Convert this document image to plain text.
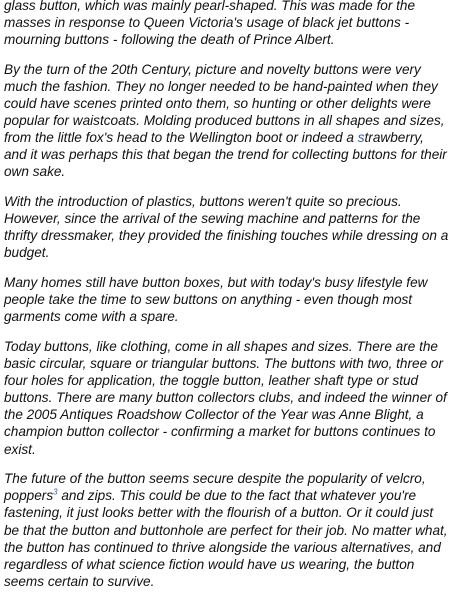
glass button, which was mainly pearl-shaped. This was made for the masses in response to Queen Victoria's usage of black jet buttons - mourning buttons - following the death of Prince Albert.

By the turn of the 20th Century, picture and novelty buttons were very much the fashion. They no longer needed to be hand-painted when they could have scenes printed onto them, so hunting or other delights were popular for waistcoats. Molding produced buttons in all shapes and sizes, from the little fox's head to the Wellington boot or indeed a strawberry, and it was perhaps this that began the trend for collecting buttons for their own sake.

With the introduction of plastics, buttons weren't quite so precious. However, since the arrival of the sewing machine and patterns for the thrifty dressmaker, they provided the finishing touches while dressing on a budget.

Many homes still have button boxes, but with today's busy lifestyle few people take the time to sew buttons on anything - even though most garments come with a spare.

Today buttons, like clothing, come in all shapes and sizes. There are the basic circular, square or triangular buttons. The buttons with two, three or four holes for application, the toggle button, leather shaft type or stud buttons. There are many button collectors clubs, and indeed the winner of the 2005 Antiques Roadshow Collector of the Year was Anne Blight, a champion button collector - confirming a market for buttons continues to exist.

The future of the button seems secure despite the popularity of velcro, poppers$^3$ and zips. This could be due to the fact that whatever you're fastening, it just looks better with the flourish of a button. Or it could just be that the button and buttonhole are perfect for their job. No matter what, the button has continued to thrive alongside the various alternatives, and regardless of what science fiction would have us wearing, the button seems certain to survive.
